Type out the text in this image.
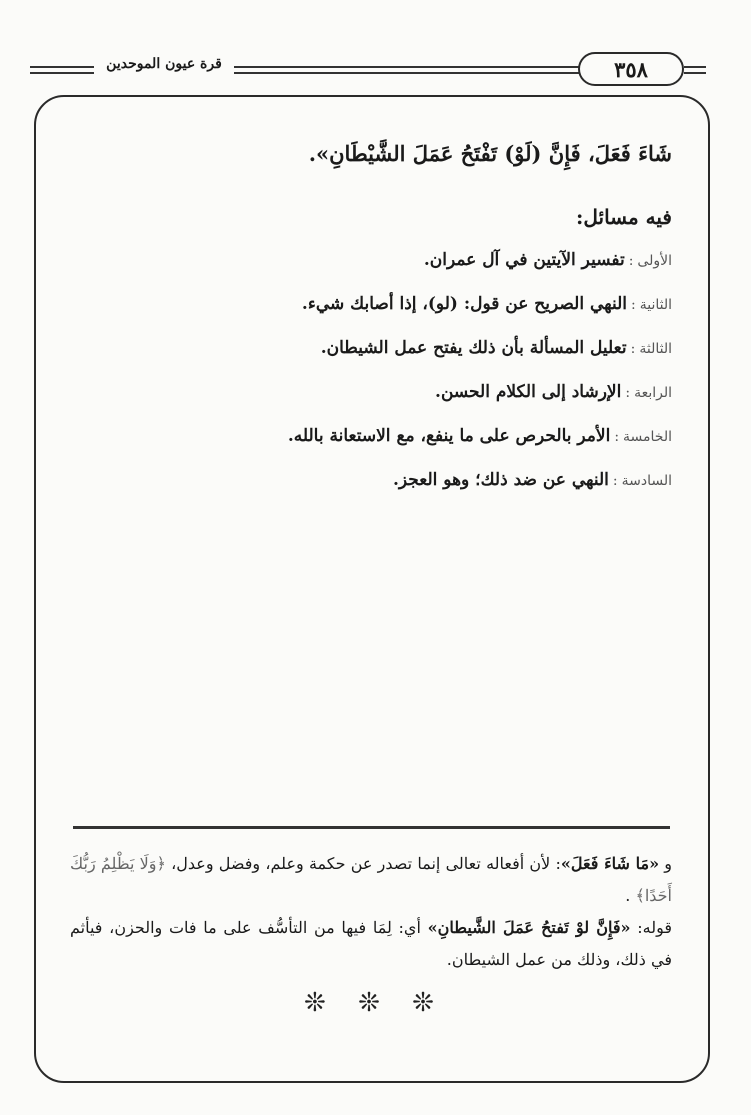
قرة عيون الموحدين	٣٥٨
شَاءَ فَعَلَ، فَإِنَّ (لَوْ) تَفْتَحُ عَمَلَ الشَّيْطَانِ».
فيه مسائل:
الأولى
:
تفسير الآيتين في آل عمران.
الثانية
:
النهي الصريح عن قول: (لو)، إذا أصابك شيء.
الثالثة
:
تعليل المسألة بأن ذلك يفتح عمل الشيطان.
الرابعة
:
الإرشاد إلى الكلام الحسن.
الخامسة
:
الأمر بالحرص على ما ينفع، مع الاستعانة بالله.
السادسة
:
النهي عن ضد ذلك؛ وهو العجز.

و «مَا شَاءَ فَعَلَ»: لأن أفعاله تعالى إنما تصدر عن حكمة وعلم، وفضل وعدل، ﴿وَلَا يَظْلِمُ رَبُّكَ أَحَدًا﴾ .

قوله: «فَإِنَّ لوْ تَفتحُ عَمَلَ الشَّيطانِ» أي: لِمَا فيها من التأسُّف على ما فات والحزن، فيأثم في ذلك، وذلك من عمل الشيطان.

❊ ❊ ❊
